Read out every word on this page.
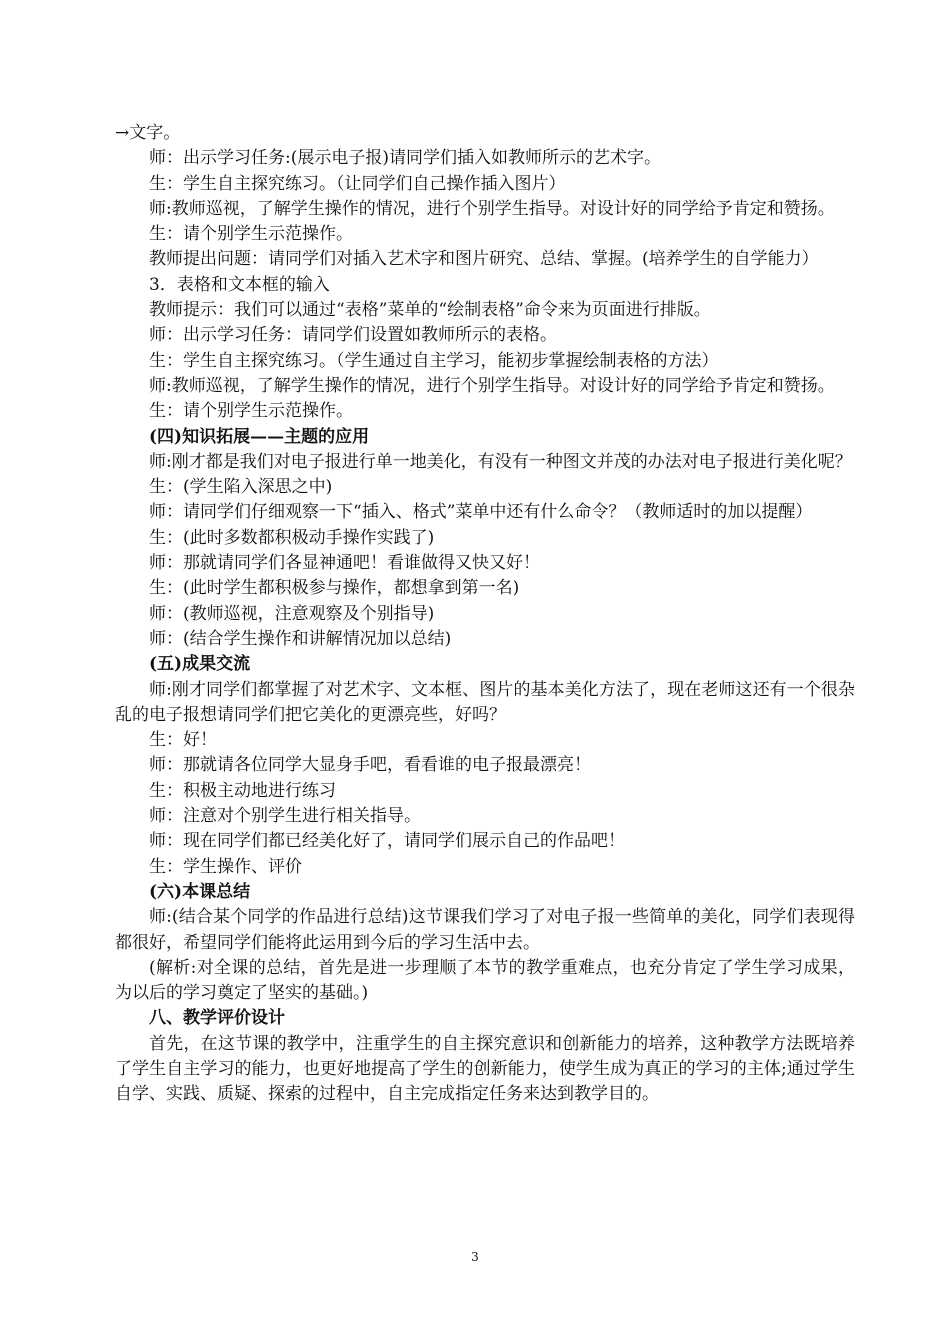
→文字。

师：出示学习任务:(展示电子报)请同学们插入如教师所示的艺术字。

生：学生自主探究练习。（让同学们自己操作插入图片）

师:教师巡视，了解学生操作的情况，进行个别学生指导。对设计好的同学给予肯定和赞扬。

生：请个别学生示范操作。

教师提出问题：请同学们对插入艺术字和图片研究、总结、掌握。(培养学生的自学能力）

3．表格和文本框的输入

教师提示：我们可以通过“表格”菜单的“绘制表格”命令来为页面进行排版。

师：出示学习任务：请同学们设置如教师所示的表格。

生：学生自主探究练习。（学生通过自主学习，能初步掌握绘制表格的方法）

师:教师巡视，了解学生操作的情况，进行个别学生指导。对设计好的同学给予肯定和赞扬。

生：请个别学生示范操作。

(四)知识拓展——主题的应用

师:刚才都是我们对电子报进行单一地美化，有没有一种图文并茂的办法对电子报进行美化呢？

生：(学生陷入深思之中)

师：请同学们仔细观察一下“插入、格式”菜单中还有什么命令？（教师适时的加以提醒）

生：(此时多数都积极动手操作实践了)

师：那就请同学们各显神通吧！看谁做得又快又好！

生：(此时学生都积极参与操作，都想拿到第一名)

师：(教师巡视，注意观察及个别指导)

师：(结合学生操作和讲解情况加以总结)

(五)成果交流

师:刚才同学们都掌握了对艺术字、文本框、图片的基本美化方法了，现在老师这还有一个很杂乱的电子报想请同学们把它美化的更漂亮些，好吗？

生：好！

师：那就请各位同学大显身手吧，看看谁的电子报最漂亮！

生：积极主动地进行练习

师：注意对个别学生进行相关指导。

师：现在同学们都已经美化好了，请同学们展示自己的作品吧！

生：学生操作、评价

(六)本课总结

师:(结合某个同学的作品进行总结)这节课我们学习了对电子报一些简单的美化，同学们表现得都很好，希望同学们能将此运用到今后的学习生活中去。

(解析:对全课的总结，首先是进一步理顺了本节的教学重难点，也充分肯定了学生学习成果，为以后的学习奠定了坚实的基础。)

八、教学评价设计

首先，在这节课的教学中，注重学生的自主探究意识和创新能力的培养，这种教学方法既培养了学生自主学习的能力，也更好地提高了学生的创新能力，使学生成为真正的学习的主体;通过学生自学、实践、质疑、探索的过程中，自主完成指定任务来达到教学目的。

3
